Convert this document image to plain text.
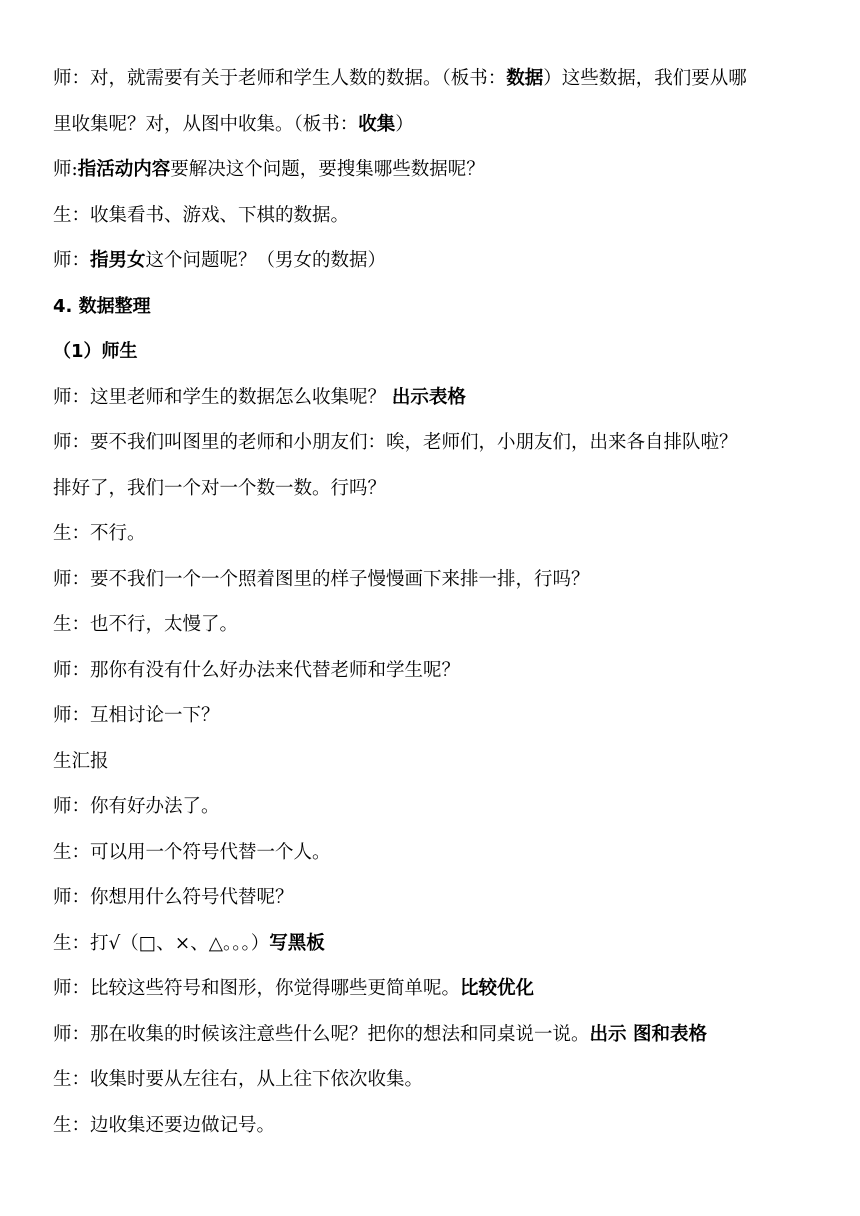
师：对，就需要有关于老师和学生人数的数据。（板书：数据）这些数据，我们要从哪
里收集呢？对，从图中收集。（板书：收集）
师:指活动内容要解决这个问题，要搜集哪些数据呢？
生：收集看书、游戏、下棋的数据。
师：指男女这个问题呢？（男女的数据）
4. 数据整理
（1）师生
师：这里老师和学生的数据怎么收集呢？ 出示表格
师：要不我们叫图里的老师和小朋友们：唉，老师们，小朋友们，出来各自排队啦？
排好了，我们一个对一个数一数。行吗？
生：不行。
师：要不我们一个一个照着图里的样子慢慢画下来排一排，行吗？
生：也不行，太慢了。
师：那你有没有什么好办法来代替老师和学生呢？
师：互相讨论一下？
生汇报
师：你有好办法了。
生：可以用一个符号代替一个人。
师：你想用什么符号代替呢？
生：打√（□、×、△。。。）写黑板
师：比较这些符号和图形，你觉得哪些更简单呢。比较优化
师：那在收集的时候该注意些什么呢？把你的想法和同桌说一说。出示 图和表格
生：收集时要从左往右，从上往下依次收集。
生：边收集还要边做记号。
